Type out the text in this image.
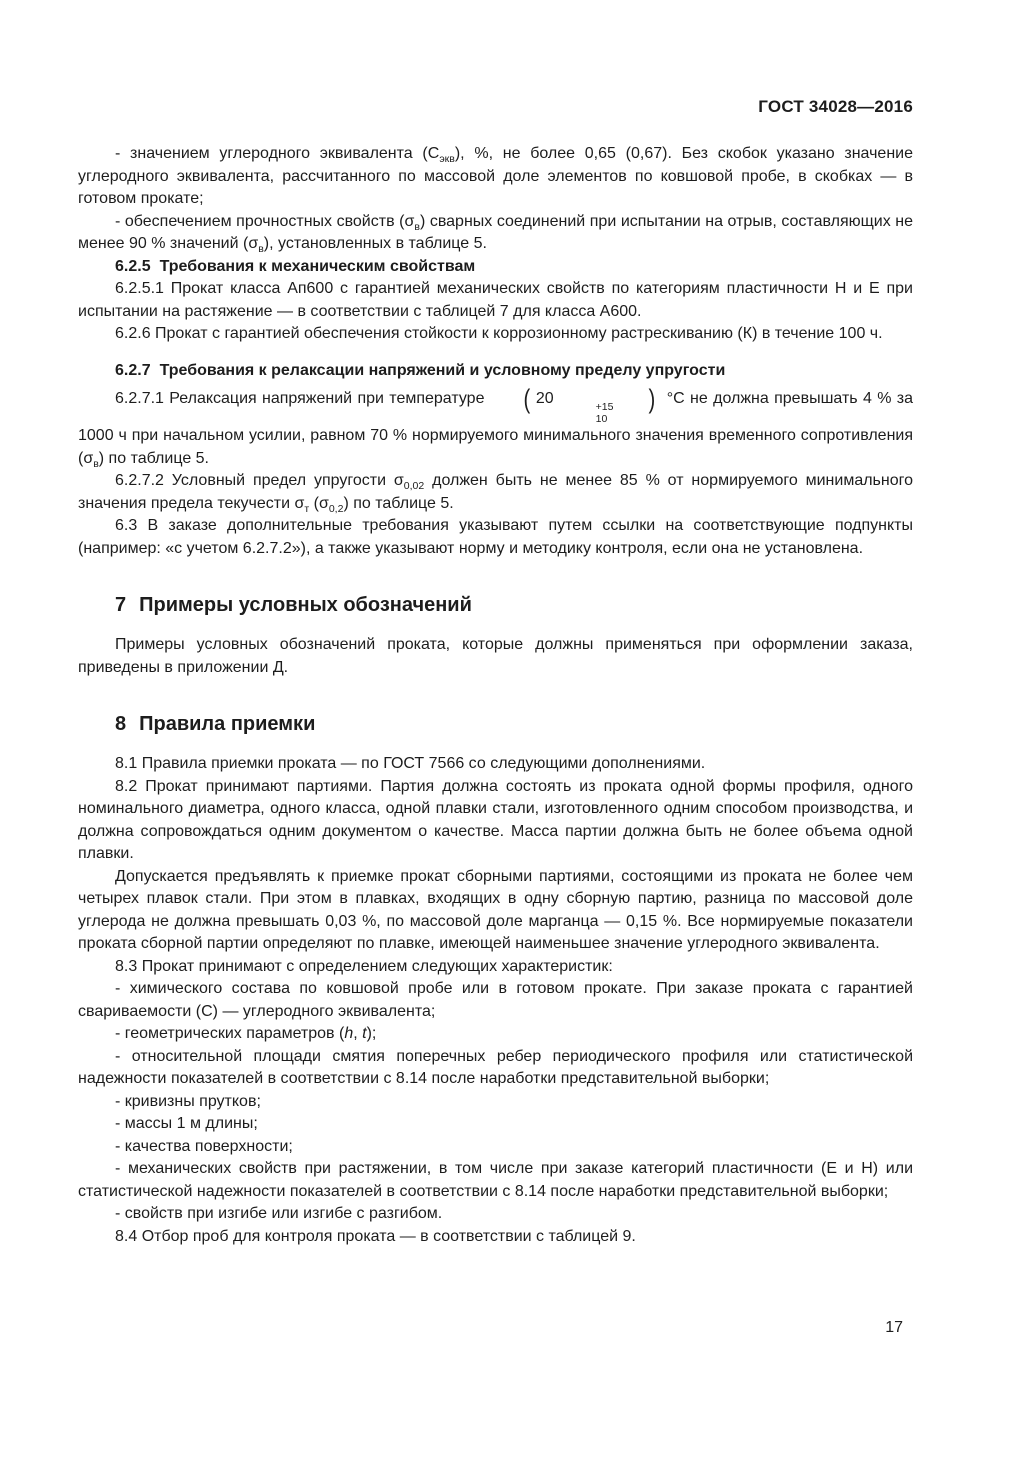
ГОСТ 34028—2016

- значением углеродного эквивалента $(С_{экв})$, %, не более 0,65 (0,67). Без скобок указано значение углеродного эквивалента, рассчитанного по массовой доле элементов по ковшовой пробе, в скобках — в готовом прокате;

- обеспечением прочностных свойств $(\sigma_в)$ сварных соединений при испытании на отрыв, составляющих не менее 90 % значений $(\sigma_в)$, установленных в таблице 5.

6.2.5 Требования к механическим свойствам

6.2.5.1 Прокат класса Ап600 с гарантией механических свойств по категориям пластичности Н и Е при испытании на растяжение — в соответствии с таблицей 7 для класса А600.

6.2.6 Прокат с гарантией обеспечения стойкости к коррозионному растрескиванию (К) в течение 100 ч.

6.2.7 Требования к релаксации напряжений и условному пределу упругости

6.2.7.1 Релаксация напряжений при температуре ( 20	+15
10
) °С не должна превышать 4 % за 1000 ч при начальном усилии, равном 70 % нормируемого минимального значения временного сопротивления $(\sigma_в)$ по таблице 5.

6.2.7.2 Условный предел упругости $\sigma_{0,02}$ должен быть не менее 85 % от нормируемого минимального значения предела текучести $\sigma_т$ $(\sigma_{0,2})$ по таблице 5.

6.3 В заказе дополнительные требования указывают путем ссылки на соответствующие подпункты (например: «с учетом 6.2.7.2»), а также указывают норму и методику контроля, если она не установлена.

7 Примеры условных обозначений

Примеры условных обозначений проката, которые должны применяться при оформлении заказа, приведены в приложении Д.

8 Правила приемки

8.1 Правила приемки проката — по ГОСТ 7566 со следующими дополнениями.

8.2 Прокат принимают партиями. Партия должна состоять из проката одной формы профиля, одного номинального диаметра, одного класса, одной плавки стали, изготовленного одним способом производства, и должна сопровождаться одним документом о качестве. Масса партии должна быть не более объема одной плавки.

Допускается предъявлять к приемке прокат сборными партиями, состоящими из проката не более чем четырех плавок стали. При этом в плавках, входящих в одну сборную партию, разница по массовой доле углерода не должна превышать 0,03 %, по массовой доле марганца — 0,15 %. Все нормируемые показатели проката сборной партии определяют по плавке, имеющей наименьшее значение углеродного эквивалента.

8.3 Прокат принимают с определением следующих характеристик:

- химического состава по ковшовой пробе или в готовом прокате. При заказе проката с гарантией свариваемости (С) — углеродного эквивалента;

- геометрических параметров (h, t);

- относительной площади смятия поперечных ребер периодического профиля или статистической надежности показателей в соответствии с 8.14 после наработки представительной выборки;

- кривизны прутков;

- массы 1 м длины;

- качества поверхности;

- механических свойств при растяжении, в том числе при заказе категорий пластичности (Е и Н) или статистической надежности показателей в соответствии с 8.14 после наработки представительной выборки;

- свойств при изгибе или изгибе с разгибом.

8.4 Отбор проб для контроля проката — в соответствии с таблицей 9.

17
